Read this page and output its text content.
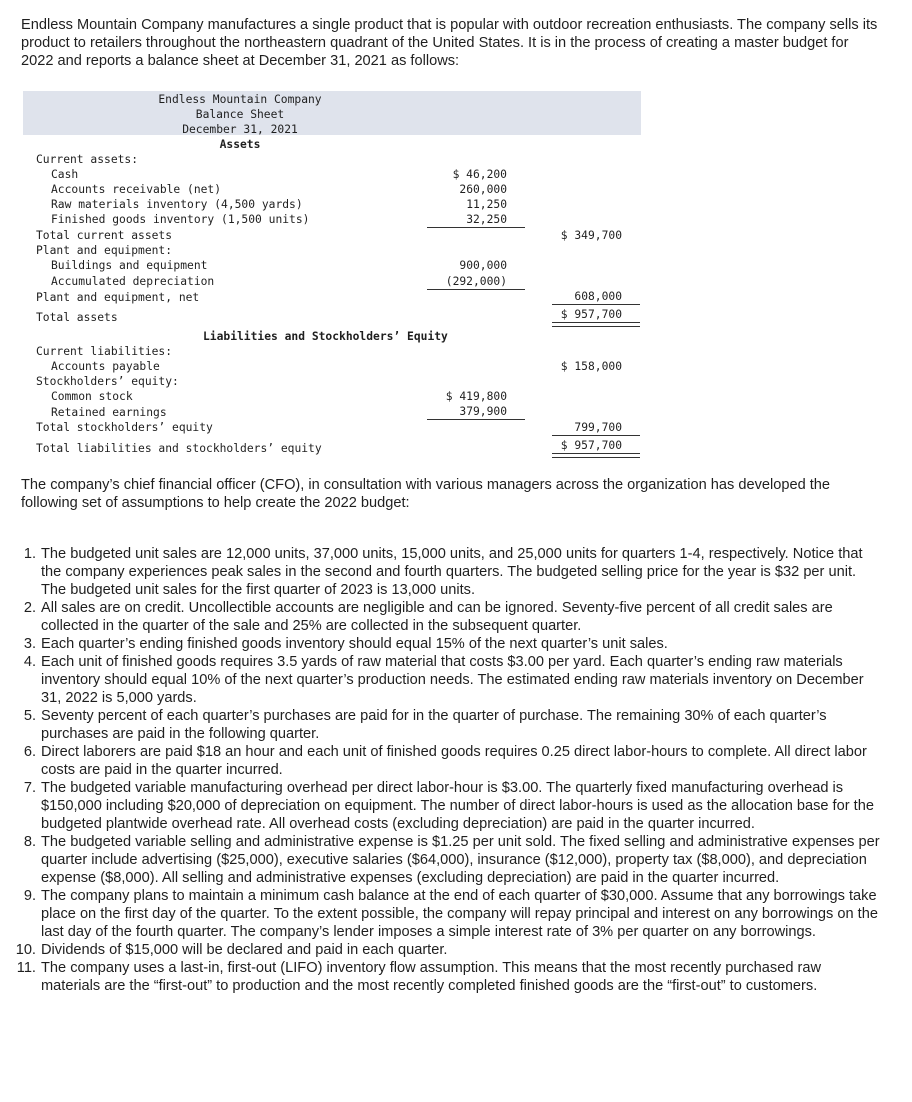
Endless Mountain Company manufactures a single product that is popular with outdoor recreation enthusiasts. The company sells its product to retailers throughout the northeastern quadrant of the United States. It is in the process of creating a master budget for 2022 and reports a balance sheet at December 31, 2021 as follows:

Endless Mountain Company
Balance Sheet
December 31, 2021
Assets
Current assets:
Cash	$ 46,200
Accounts receivable (net)	260,000
Raw materials inventory (4,500 yards)	11,250
Finished goods inventory (1,500 units)	32,250
Total current assets	$ 349,700
Plant and equipment:
Buildings and equipment	900,000
Accumulated depreciation	(292,000)
Plant and equipment, net	608,000
Total assets	$ 957,700
Liabilities and Stockholders’ Equity
Current liabilities:
Accounts payable	$ 158,000
Stockholders’ equity:
Common stock	$ 419,800
Retained earnings	379,900
Total stockholders’ equity	799,700
Total liabilities and stockholders’ equity	$ 957,700

The company’s chief financial officer (CFO), in consultation with various managers across the organization has developed the following set of assumptions to help create the 2022 budget:

1. The budgeted unit sales are 12,000 units, 37,000 units, 15,000 units, and 25,000 units for quarters 1-4, respectively. Notice that the company experiences peak sales in the second and fourth quarters. The budgeted selling price for the year is $32 per unit. The budgeted unit sales for the first quarter of 2023 is 13,000 units.
2. All sales are on credit. Uncollectible accounts are negligible and can be ignored. Seventy-five percent of all credit sales are collected in the quarter of the sale and 25% are collected in the subsequent quarter.
3. Each quarter’s ending finished goods inventory should equal 15% of the next quarter’s unit sales.
4. Each unit of finished goods requires 3.5 yards of raw material that costs $3.00 per yard. Each quarter’s ending raw materials inventory should equal 10% of the next quarter’s production needs. The estimated ending raw materials inventory on December 31, 2022 is 5,000 yards.
5. Seventy percent of each quarter’s purchases are paid for in the quarter of purchase. The remaining 30% of each quarter’s purchases are paid in the following quarter.
6. Direct laborers are paid $18 an hour and each unit of finished goods requires 0.25 direct labor-hours to complete. All direct labor costs are paid in the quarter incurred.
7. The budgeted variable manufacturing overhead per direct labor-hour is $3.00. The quarterly fixed manufacturing overhead is $150,000 including $20,000 of depreciation on equipment. The number of direct labor-hours is used as the allocation base for the budgeted plantwide overhead rate. All overhead costs (excluding depreciation) are paid in the quarter incurred.
8. The budgeted variable selling and administrative expense is $1.25 per unit sold. The fixed selling and administrative expenses per quarter include advertising ($25,000), executive salaries ($64,000), insurance ($12,000), property tax ($8,000), and depreciation expense ($8,000). All selling and administrative expenses (excluding depreciation) are paid in the quarter incurred.
9. The company plans to maintain a minimum cash balance at the end of each quarter of $30,000. Assume that any borrowings take place on the first day of the quarter. To the extent possible, the company will repay principal and interest on any borrowings on the last day of the fourth quarter. The company’s lender imposes a simple interest rate of 3% per quarter on any borrowings.
10. Dividends of $15,000 will be declared and paid in each quarter.
11. The company uses a last-in, first-out (LIFO) inventory flow assumption. This means that the most recently purchased raw materials are the “first-out” to production and the most recently completed finished goods are the “first-out” to customers.
